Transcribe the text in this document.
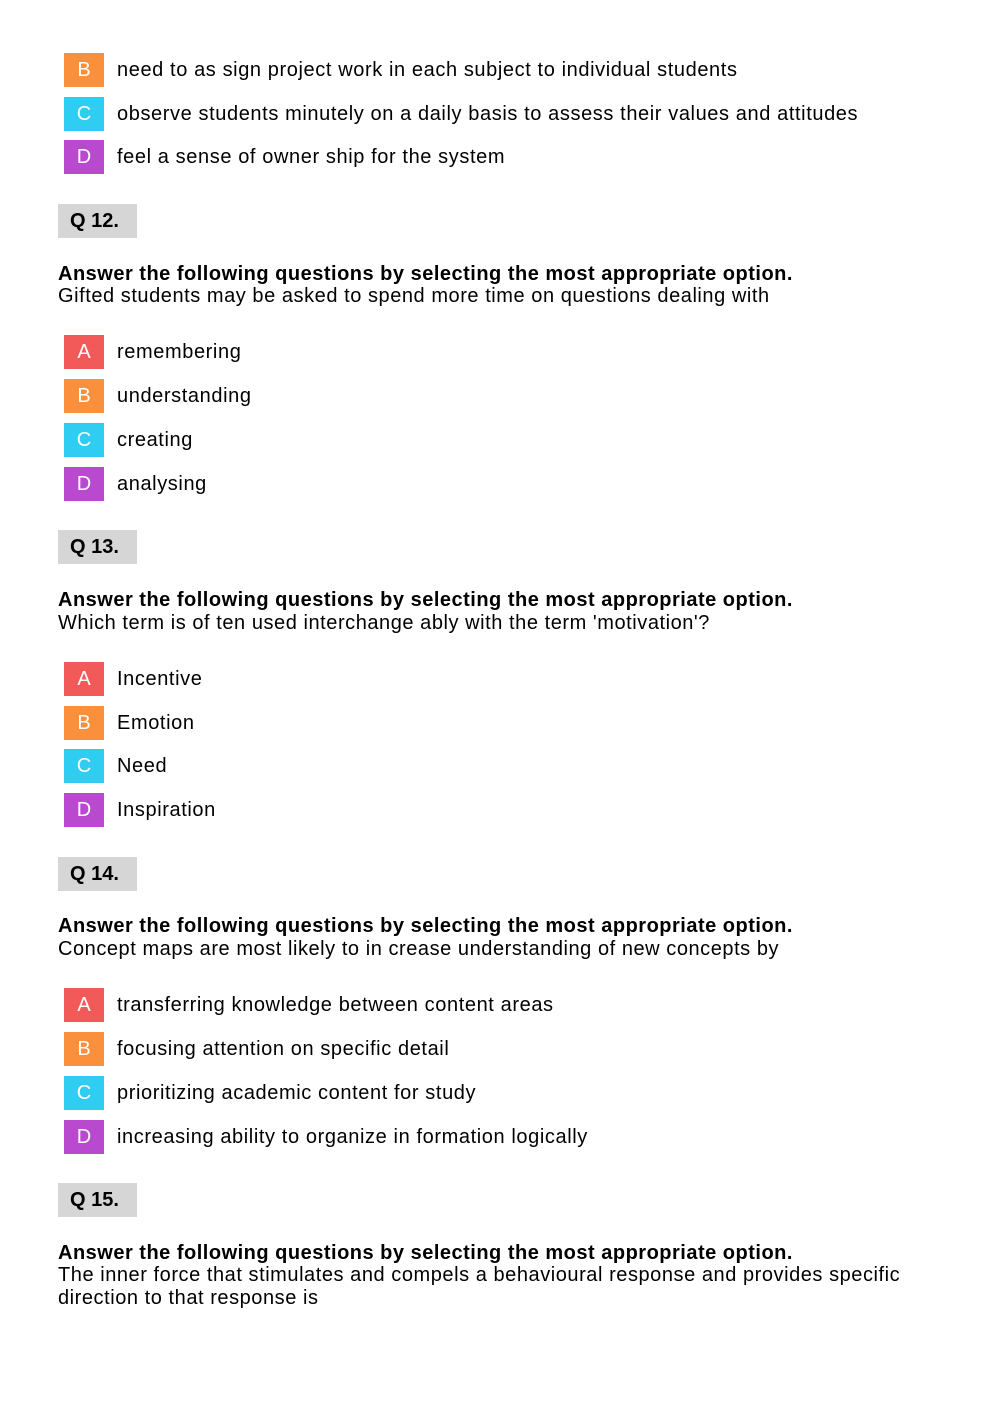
B	need to as sign project work in each subject to individual students
C	observe students minutely on a daily basis to assess their values and attitudes
D	feel a sense of owner ship for the system
Q 12.
Answer the following questions by selecting the most appropriate option.
Gifted students may be asked to spend more time on questions dealing with
A	remembering
B	understanding
C	creating
D	analysing
Q 13.
Answer the following questions by selecting the most appropriate option.
Which term is of ten used interchange ably with the term 'motivation'?
A	Incentive
B	Emotion
C	Need
D	Inspiration
Q 14.
Answer the following questions by selecting the most appropriate option.
Concept maps are most likely to in crease understanding of new concepts by
A	transferring knowledge between content areas
B	focusing attention on specific detail
C	prioritizing academic content for study
D	increasing ability to organize in formation logically
Q 15.
Answer the following questions by selecting the most appropriate option.
The inner force that stimulates and compels a behavioural response and provides specific direction to that response is
